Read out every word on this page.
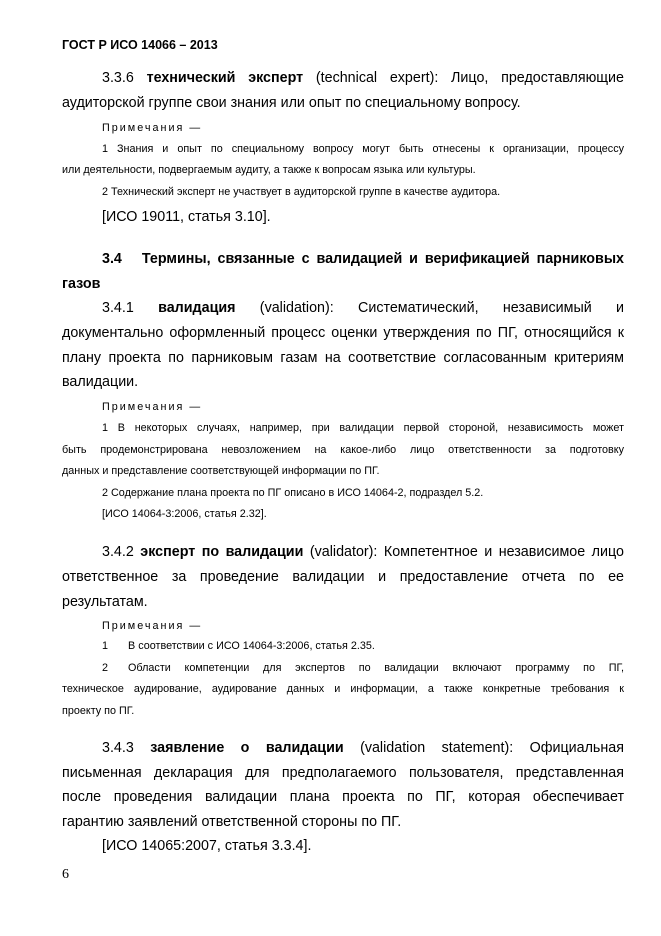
ГОСТ Р ИСО 14066 – 2013
3.3.6 технический эксперт (technical expert): Лицо, предоставляющие
аудиторской группе свои знания или опыт по специальному вопросу.
Примечания —
1 Знания и опыт по специальному вопросу могут быть отнесены к организации, процессу
или деятельности, подвергаемым аудиту, а также к вопросам языка или культуры.
2 Технический эксперт не участвует в аудиторской группе в качестве аудитора.
[ИСО 19011, статья 3.10].
3.4 Термины, связанные с валидацией и верификацией парниковых
газов
3.4.1 валидация (validation): Систематический, независимый и
документально оформленный процесс оценки утверждения по ПГ, относящийся к
плану проекта по парниковым газам на соответствие согласованным критериям
валидации.
Примечания —
1 В некоторых случаях, например, при валидации первой стороной, независимость может
быть продемонстрирована невозложением на какое-либо лицо ответственности за подготовку
данных и представление соответствующей информации по ПГ.
2 Содержание плана проекта по ПГ описано в ИСО 14064-2, подраздел 5.2.
[ИСО 14064-3:2006, статья 2.32].
3.4.2 эксперт по валидации (validator): Компетентное и независимое лицо
ответственное за проведение валидации и предоставление отчета по ее
результатам.
Примечания —
1 В соответствии с ИСО 14064-3:2006, статья 2.35.
2 Области компетенции для экспертов по валидации включают программу по ПГ,
техническое аудирование, аудирование данных и информации, а также конкретные требования к
проекту по ПГ.
3.4.3 заявление о валидации (validation statement): Официальная
письменная декларация для предполагаемого пользователя, представленная
после проведения валидации плана проекта по ПГ, которая обеспечивает
гарантию заявлений ответственной стороны по ПГ.
[ИСО 14065:2007, статья 3.3.4].
6
